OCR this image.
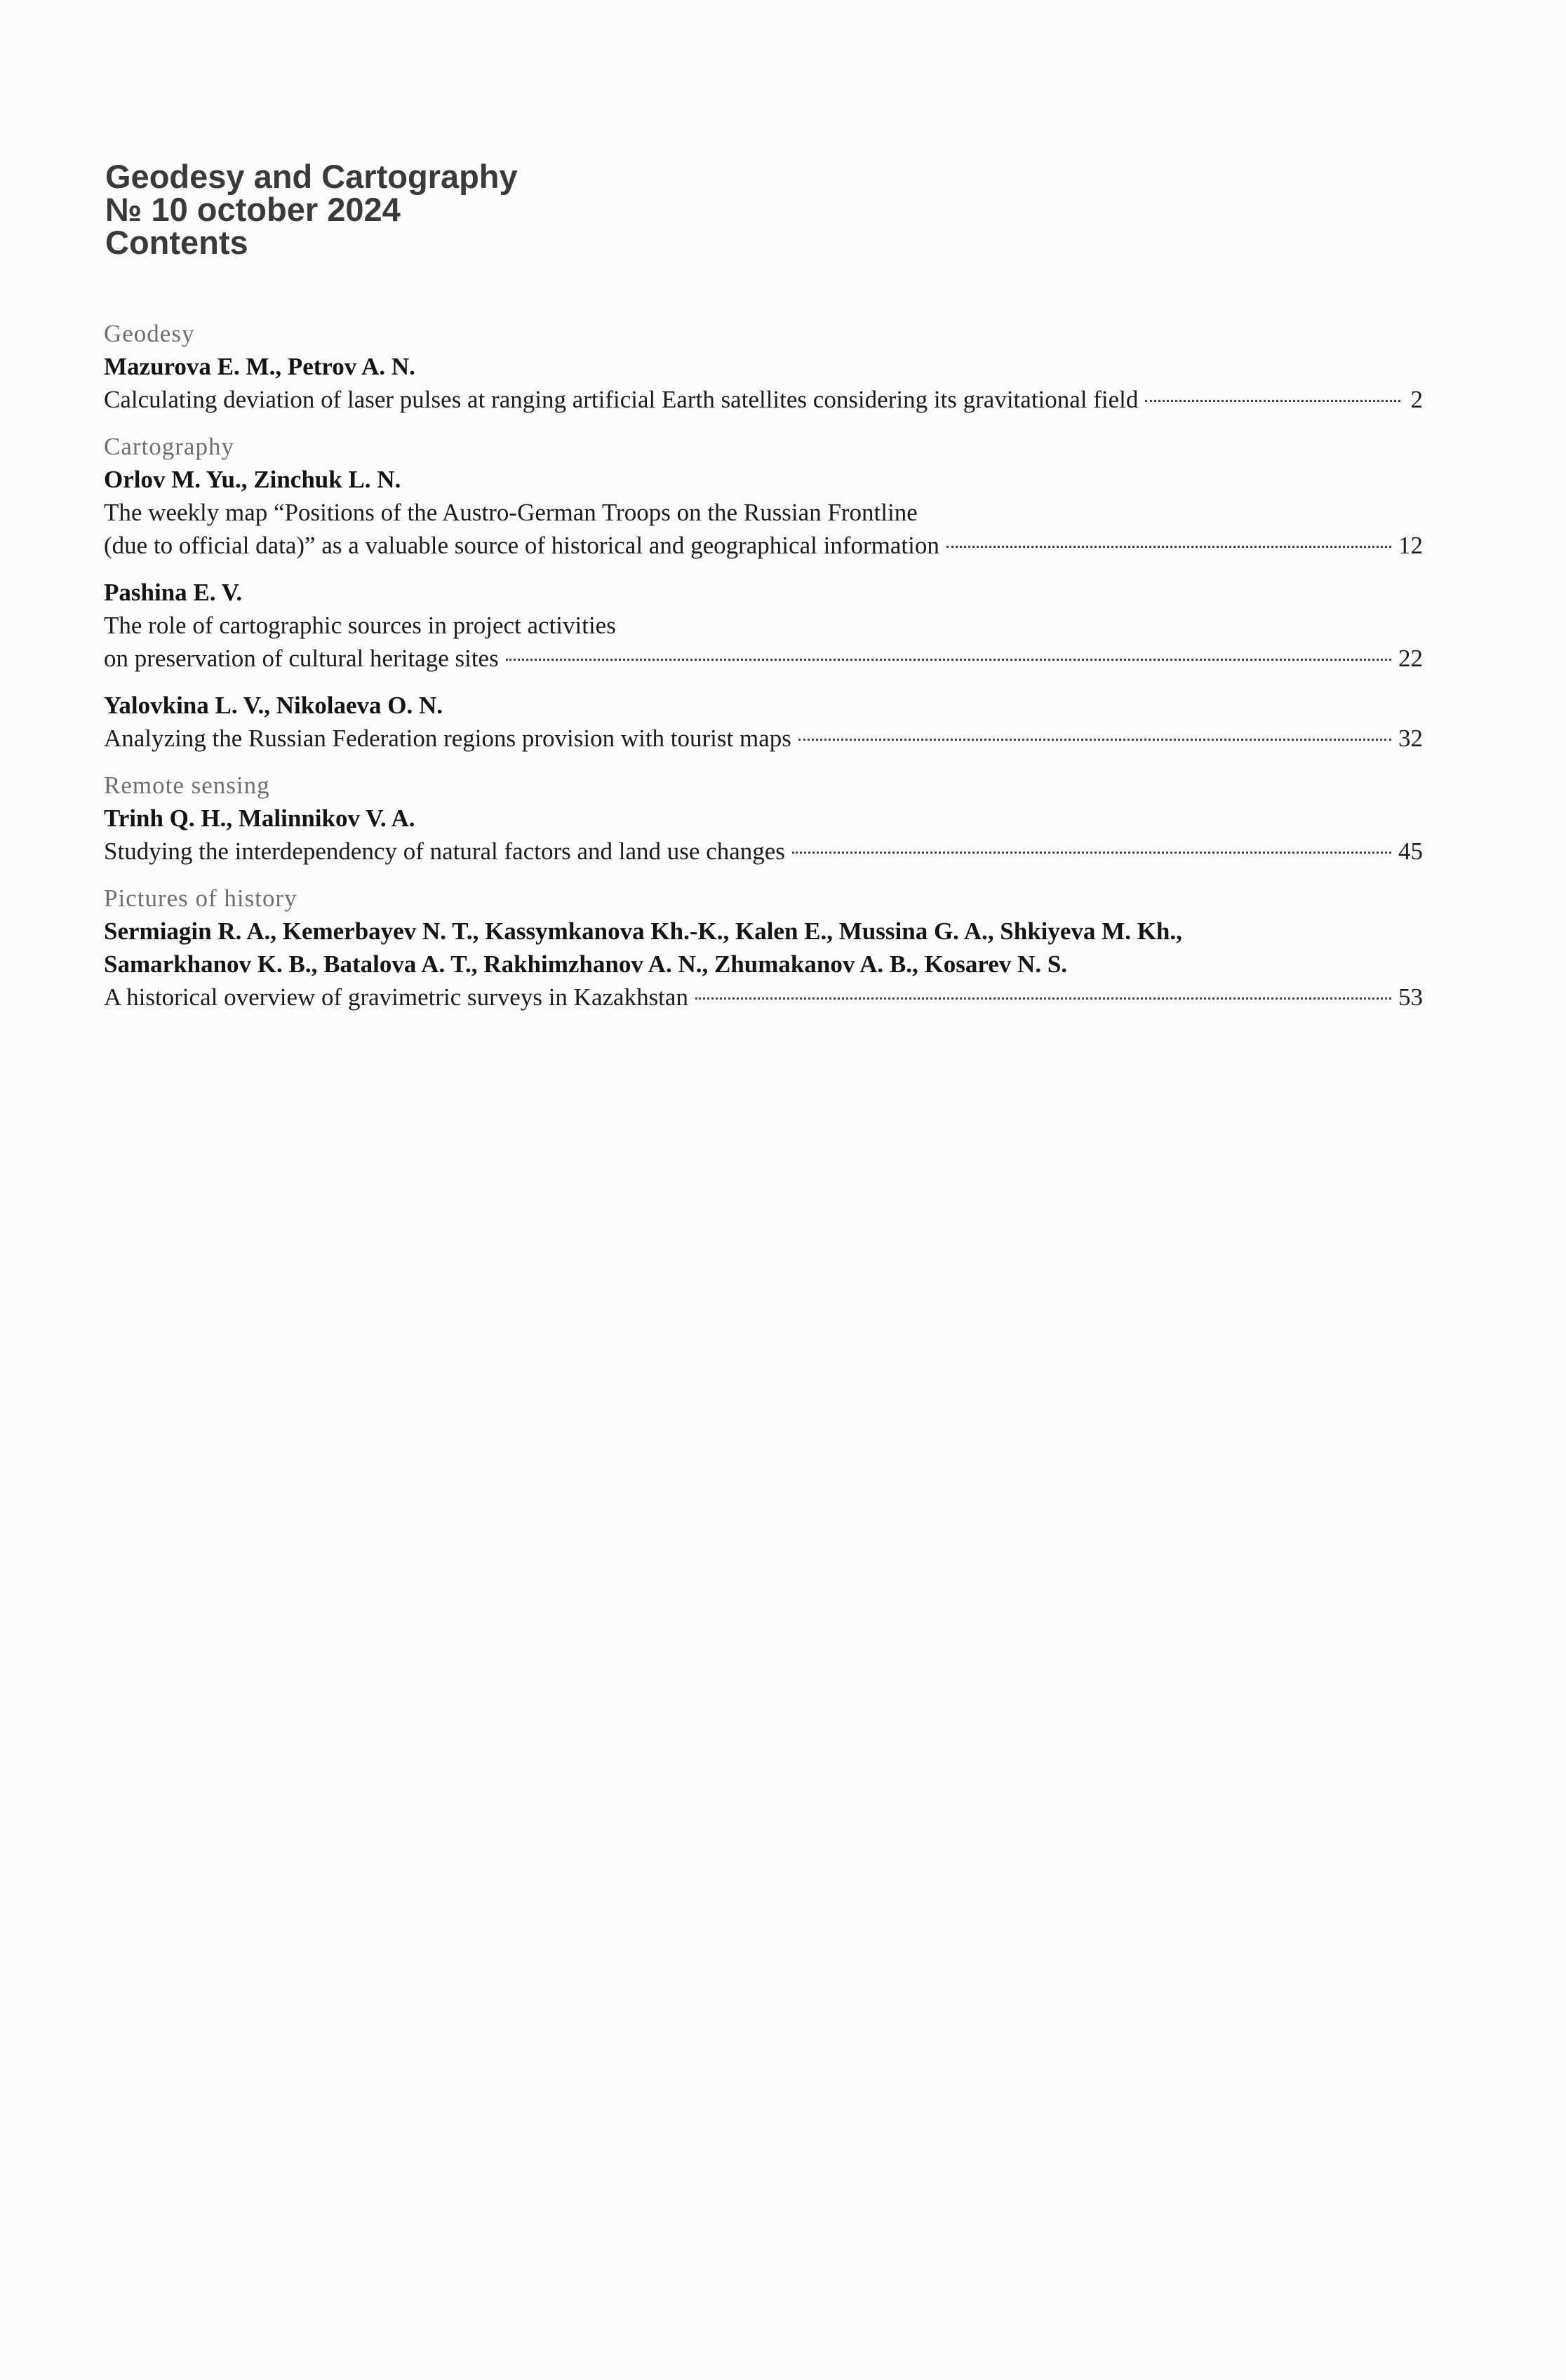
Geodesy and Cartography
№ 10 october 2024
Contents
Geodesy
Mazurova E. M., Petrov A. N.
Calculating deviation of laser pulses at ranging artificial Earth satellites considering its gravitational field	2
Cartography
Orlov M. Yu., Zinchuk L. N.
The weekly map “Positions of the Austro-German Troops on the Russian Frontline
(due to official data)” as a valuable source of historical and geographical information	12
Pashina E. V.
The role of cartographic sources in project activities
on preservation of cultural heritage sites	22
Yalovkina L. V., Nikolaeva O. N.
Analyzing the Russian Federation regions provision with tourist maps	32
Remote sensing
Trinh Q. H., Malinnikov V. A.
Studying the interdependency of natural factors and land use changes	45
Pictures of history
Sermiagin R. A., Kemerbayev N. T., Kassymkanova Kh.-K., Kalen E., Mussina G. A., Shkiyeva M. Kh.,
Samarkhanov K. B., Batalova A. T., Rakhimzhanov A. N., Zhumakanov A. B., Kosarev N. S.
A historical overview of gravimetric surveys in Kazakhstan	53
